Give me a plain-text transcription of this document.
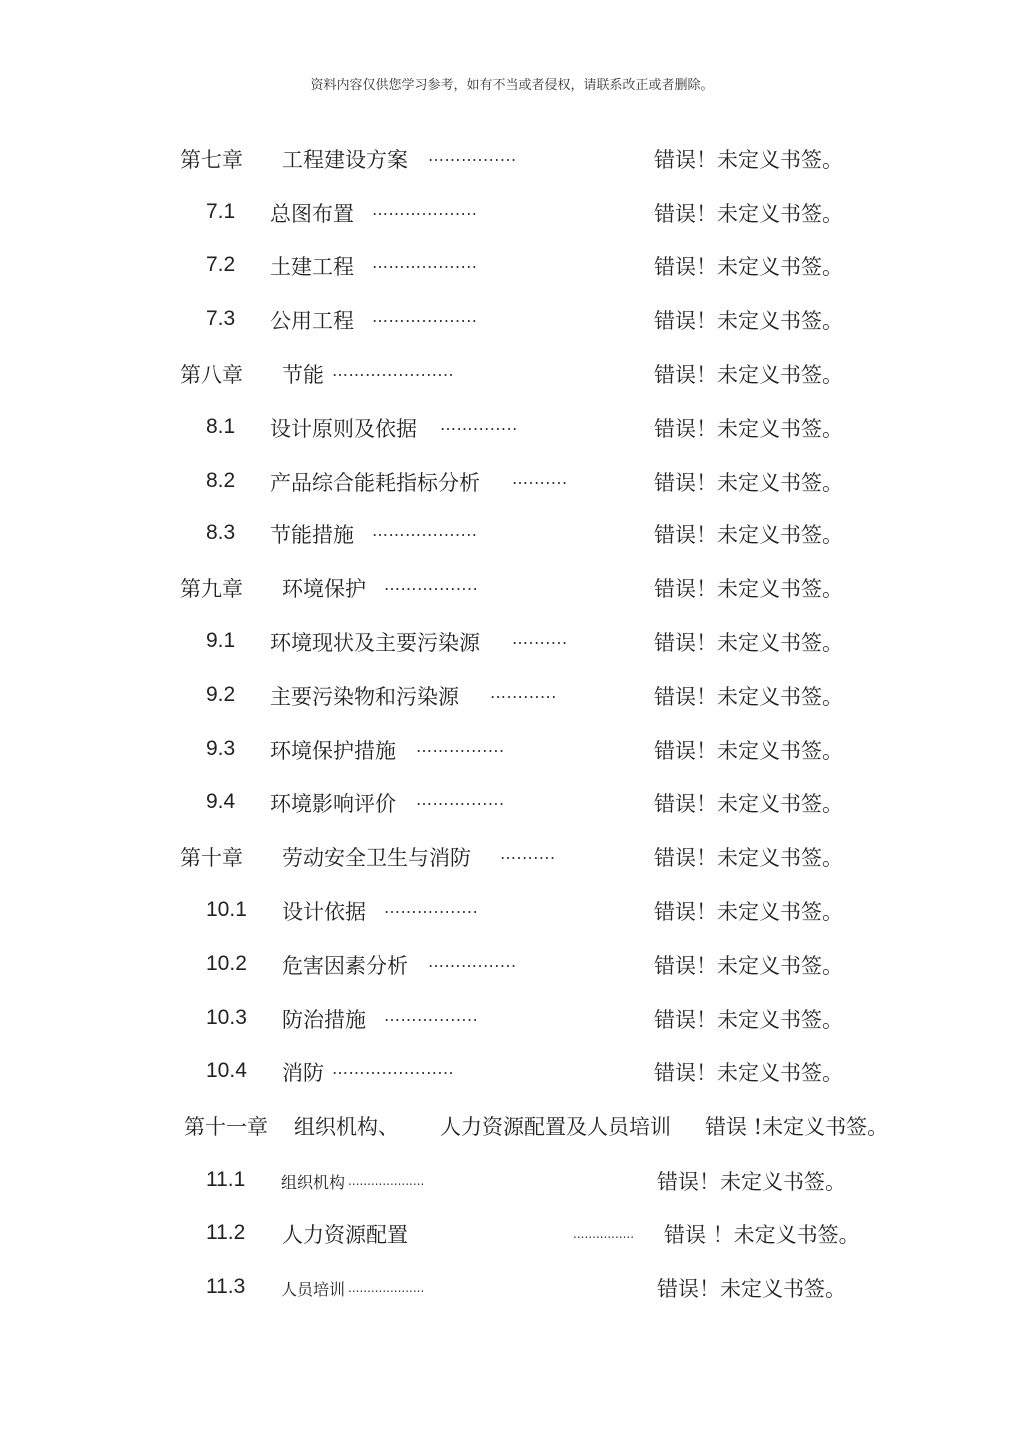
资料内容仅供您学习参考，如有不当或者侵权，请联系改正或者删除。
第七章 工程建设方案 ……….......	错误！未定义书签。
7.1 总图布置 ………..........	错误！未定义书签。
7.2 土建工程 ………..........	错误！未定义书签。
7.3 公用工程 ………..........	错误！未定义书签。
第八章 节能 ……….............	错误！未定义书签。
8.1 设计原则及依据 ……........	错误！未定义书签。
8.2 产品综合能耗指标分析 ….......	错误！未定义书签。
8.3 节能措施 ………..........	错误！未定义书签。
第九章 环境保护 ………........	错误！未定义书签。
9.1 环境现状及主要污染源 ….......	错误！未定义书签。
9.2 主要污染物和污染源 ….........	错误！未定义书签。
9.3 环境保护措施 ……….......	错误！未定义书签。
9.4 环境影响评价 ……….......	错误！未定义书签。
第十章 劳动安全卫生与消防 ….......	错误！未定义书签。
10.1 设计依据 ………........	错误！未定义书签。
10.2 危害因素分析 ……….......	错误！未定义书签。
10.3 防治措施 ………........	错误！未定义书签。
10.4 消防 ……….............	错误！未定义书签。
第十一章 组织机构、 人力资源配置及人员培训 错误 !未定义书签。
11.1 组织机构 ....................	错误！未定义书签。
11.2 人力资源配置	................ 错误 ！未定义书签。
11.3 人员培训 ....................	错误！未定义书签。
